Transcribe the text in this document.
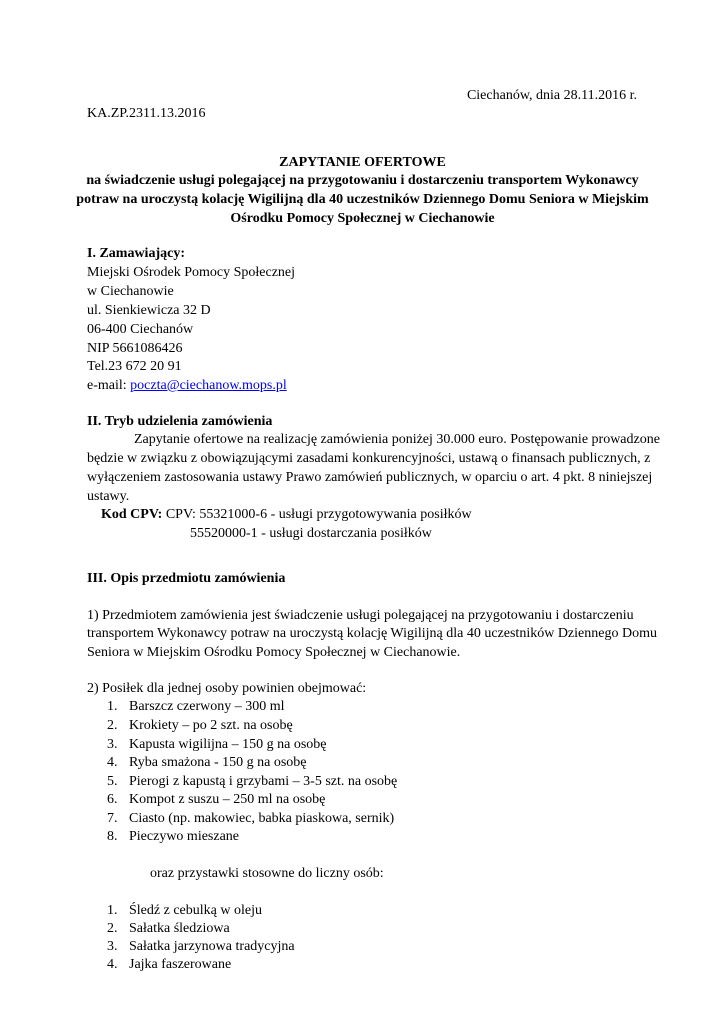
Ciechanów, dnia 28.11.2016 r.
KA.ZP.2311.13.2016
ZAPYTANIE OFERTOWE
na świadczenie usługi polegającej na przygotowaniu i dostarczeniu transportem Wykonawcy
potraw na uroczystą kolację Wigilijną dla 40 uczestników Dziennego Domu Seniora w Miejskim
Ośrodku Pomocy Społecznej w Ciechanowie
I. Zamawiający:
Miejski Ośrodek Pomocy Społecznej
w Ciechanowie
ul. Sienkiewicza 32 D
06-400 Ciechanów
NIP 5661086426
Tel.23 672 20 91
e-mail: poczta@ciechanow.mops.pl
II. Tryb udzielenia zamówienia
Zapytanie ofertowe na realizację zamówienia poniżej 30.000 euro. Postępowanie prowadzone
będzie w związku z obowiązującymi zasadami konkurencyjności, ustawą o finansach publicznych, z
wyłączeniem zastosowania ustawy Prawo zamówień publicznych, w oparciu o art. 4 pkt. 8 niniejszej
ustawy.
Kod CPV: CPV: 55321000-6 - usługi przygotowywania posiłków
55520000-1 - usługi dostarczania posiłków
III. Opis przedmiotu zamówienia
1) Przedmiotem zamówienia jest świadczenie usługi polegającej na przygotowaniu i dostarczeniu
transportem Wykonawcy potraw na uroczystą kolację Wigilijną dla 40 uczestników Dziennego Domu
Seniora w Miejskim Ośrodku Pomocy Społecznej w Ciechanowie.
2) Posiłek dla jednej osoby powinien obejmować:
1. Barszcz czerwony – 300 ml
2. Krokiety – po 2 szt. na osobę
3. Kapusta wigilijna – 150 g na osobę
4. Ryba smażona - 150 g na osobę
5. Pierogi z kapustą i grzybami – 3-5 szt. na osobę
6. Kompot z suszu – 250 ml na osobę
7. Ciasto (np. makowiec, babka piaskowa, sernik)
8. Pieczywo mieszane
oraz przystawki stosowne do liczny osób:
1. Śledź z cebulką w oleju
2. Sałatka śledziowa
3. Sałatka jarzynowa tradycyjna
4. Jajka faszerowane
